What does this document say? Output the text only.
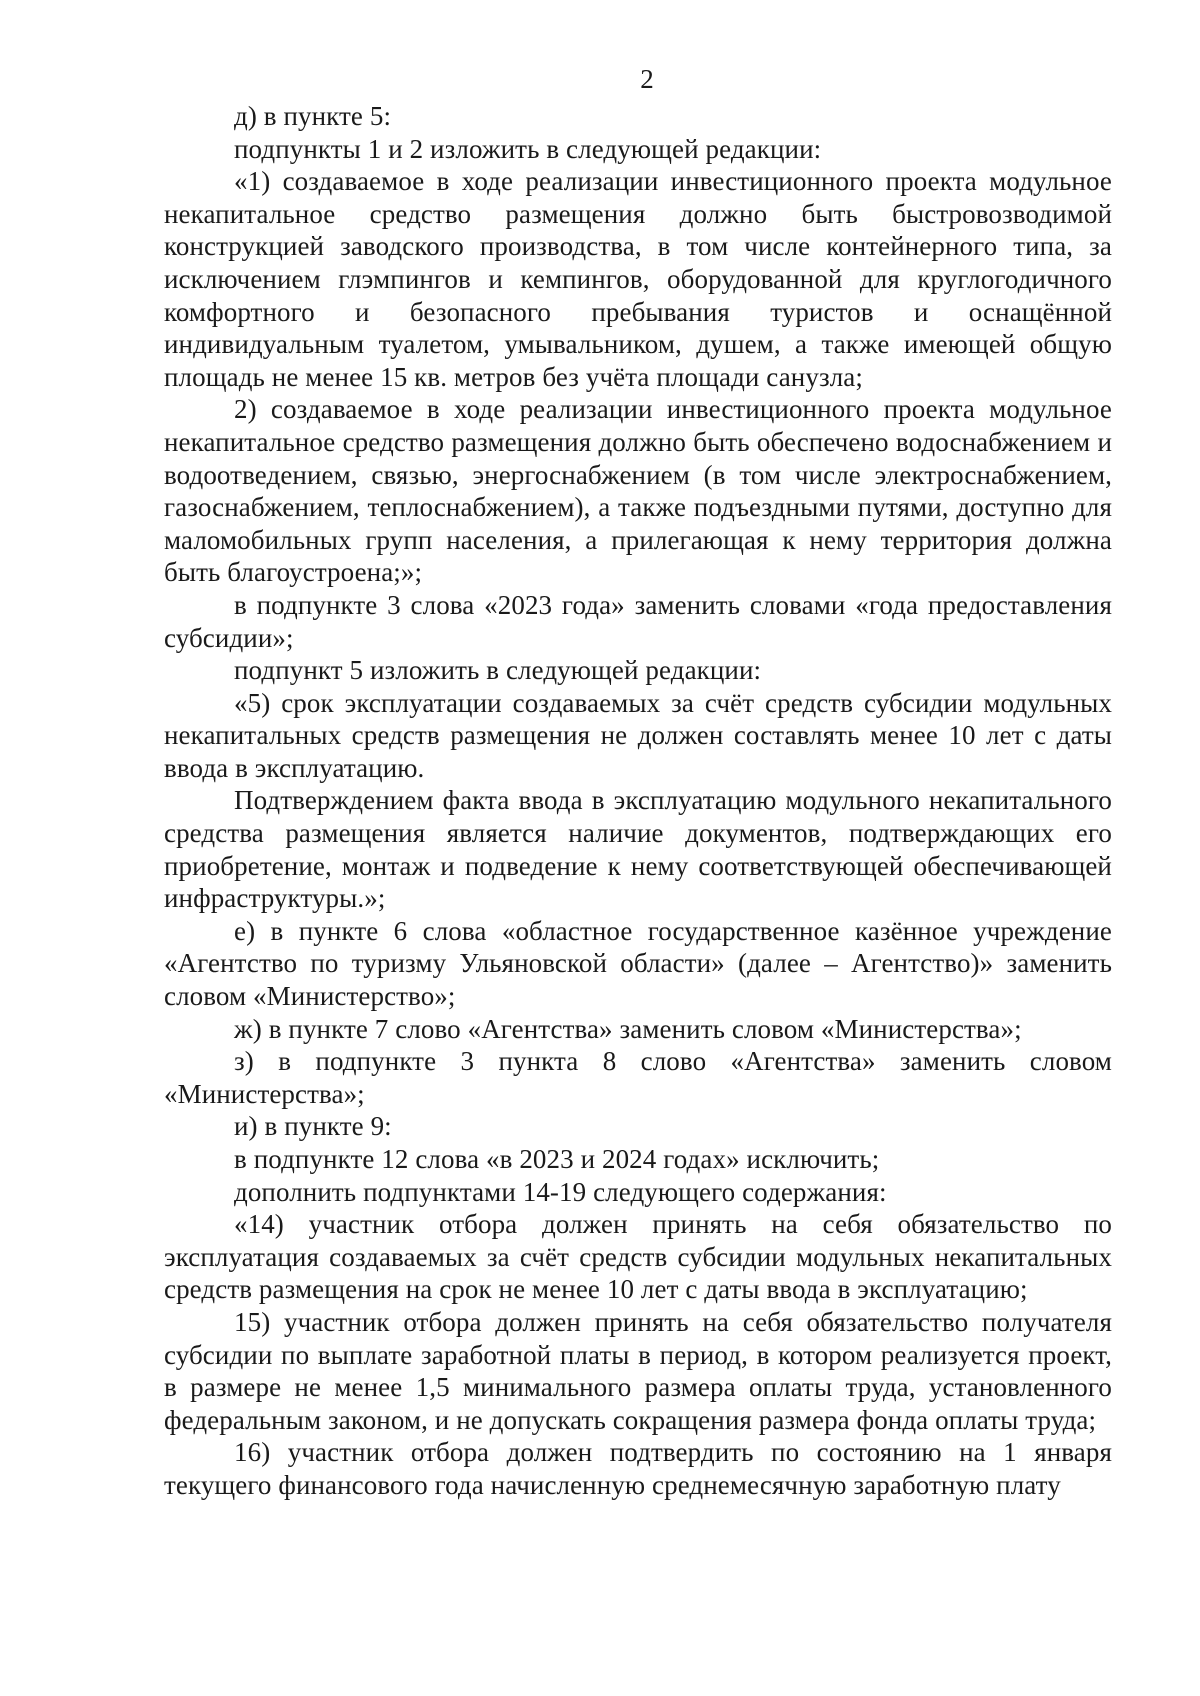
2

д) в пункте 5:

подпункты 1 и 2 изложить в следующей редакции:

«1) создаваемое в ходе реализации инвестиционного проекта модульное некапитальное средство размещения должно быть быстровозводимой конструкцией заводского производства, в том числе контейнерного типа, за исключением глэмпингов и кемпингов, оборудованной для круглогодичного комфортного и безопасного пребывания туристов и оснащённой индивидуальным туалетом, умывальником, душем, а также имеющей общую площадь не менее 15 кв. метров без учёта площади санузла;

2) создаваемое в ходе реализации инвестиционного проекта модульное некапитальное средство размещения должно быть обеспечено водоснабжением и водоотведением, связью, энергоснабжением (в том числе электроснабжением, газоснабжением, теплоснабжением), а также подъездными путями, доступно для маломобильных групп населения, а прилегающая к нему территория должна быть благоустроена;»;

в подпункте 3 слова «2023 года» заменить словами «года предоставления субсидии»;

подпункт 5 изложить в следующей редакции:

«5) срок эксплуатации создаваемых за счёт средств субсидии модульных некапитальных средств размещения не должен составлять менее 10 лет с даты ввода в эксплуатацию.

Подтверждением факта ввода в эксплуатацию модульного некапитального средства размещения является наличие документов, подтверждающих его приобретение, монтаж и подведение к нему соответствующей обеспечивающей инфраструктуры.»;

е) в пункте 6 слова «областное государственное казённое учреждение «Агентство по туризму Ульяновской области» (далее – Агентство)» заменить словом «Министерство»;

ж) в пункте 7 слово «Агентства» заменить словом «Министерства»;

з) в подпункте 3 пункта 8 слово «Агентства» заменить словом «Министерства»;

и) в пункте 9:

в подпункте 12 слова «в 2023 и 2024 годах» исключить;

дополнить подпунктами 14-19 следующего содержания:

«14) участник отбора должен принять на себя обязательство по эксплуатация создаваемых за счёт средств субсидии модульных некапитальных средств размещения на срок не менее 10 лет с даты ввода в эксплуатацию;

15) участник отбора должен принять на себя обязательство получателя субсидии по выплате заработной платы в период, в котором реализуется проект, в размере не менее 1,5 минимального размера оплаты труда, установленного федеральным законом, и не допускать сокращения размера фонда оплаты труда;

16) участник отбора должен подтвердить по состоянию на 1 января текущего финансового года начисленную среднемесячную заработную плату
